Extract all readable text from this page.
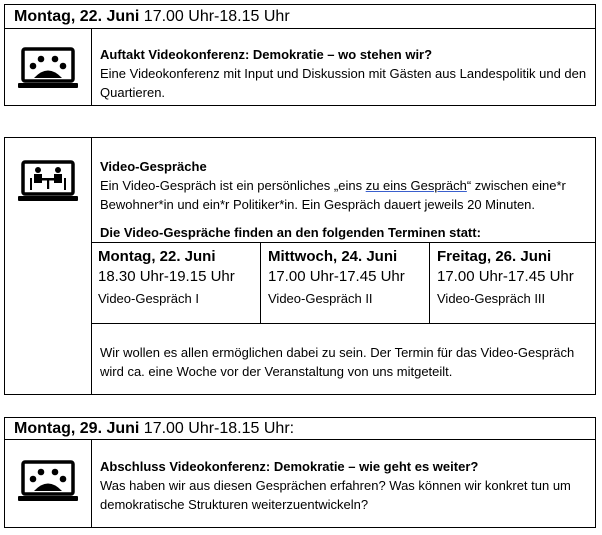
Montag, 22. Juni 17.00 Uhr-18.15 Uhr
Auftakt Videokonferenz: Demokratie – wo stehen wir?
Eine Videokonferenz mit Input und Diskussion mit Gästen aus Landespolitik und den Quartieren.
Video-Gespräche
Ein Video-Gespräch ist ein persönliches „eins zu eins Gespräch“ zwischen eine*r Bewohner*in und ein*r Politiker*in. Ein Gespräch dauert jeweils 20 Minuten.
Die Video-Gespräche finden an den folgenden Terminen statt:
Montag, 22. Juni
18.30 Uhr-19.15 Uhr
Video-Gespräch I
Mittwoch, 24. Juni
17.00 Uhr-17.45 Uhr
Video-Gespräch II
Freitag, 26. Juni
17.00 Uhr-17.45 Uhr
Video-Gespräch III
Wir wollen es allen ermöglichen dabei zu sein. Der Termin für das Video-Gespräch wird ca. eine Woche vor der Veranstaltung von uns mitgeteilt.
Montag, 29. Juni 17.00 Uhr-18.15 Uhr:
Abschluss Videokonferenz: Demokratie – wie geht es weiter?
Was haben wir aus diesen Gesprächen erfahren? Was können wir konkret tun um demokratische Strukturen weiterzuentwickeln?
